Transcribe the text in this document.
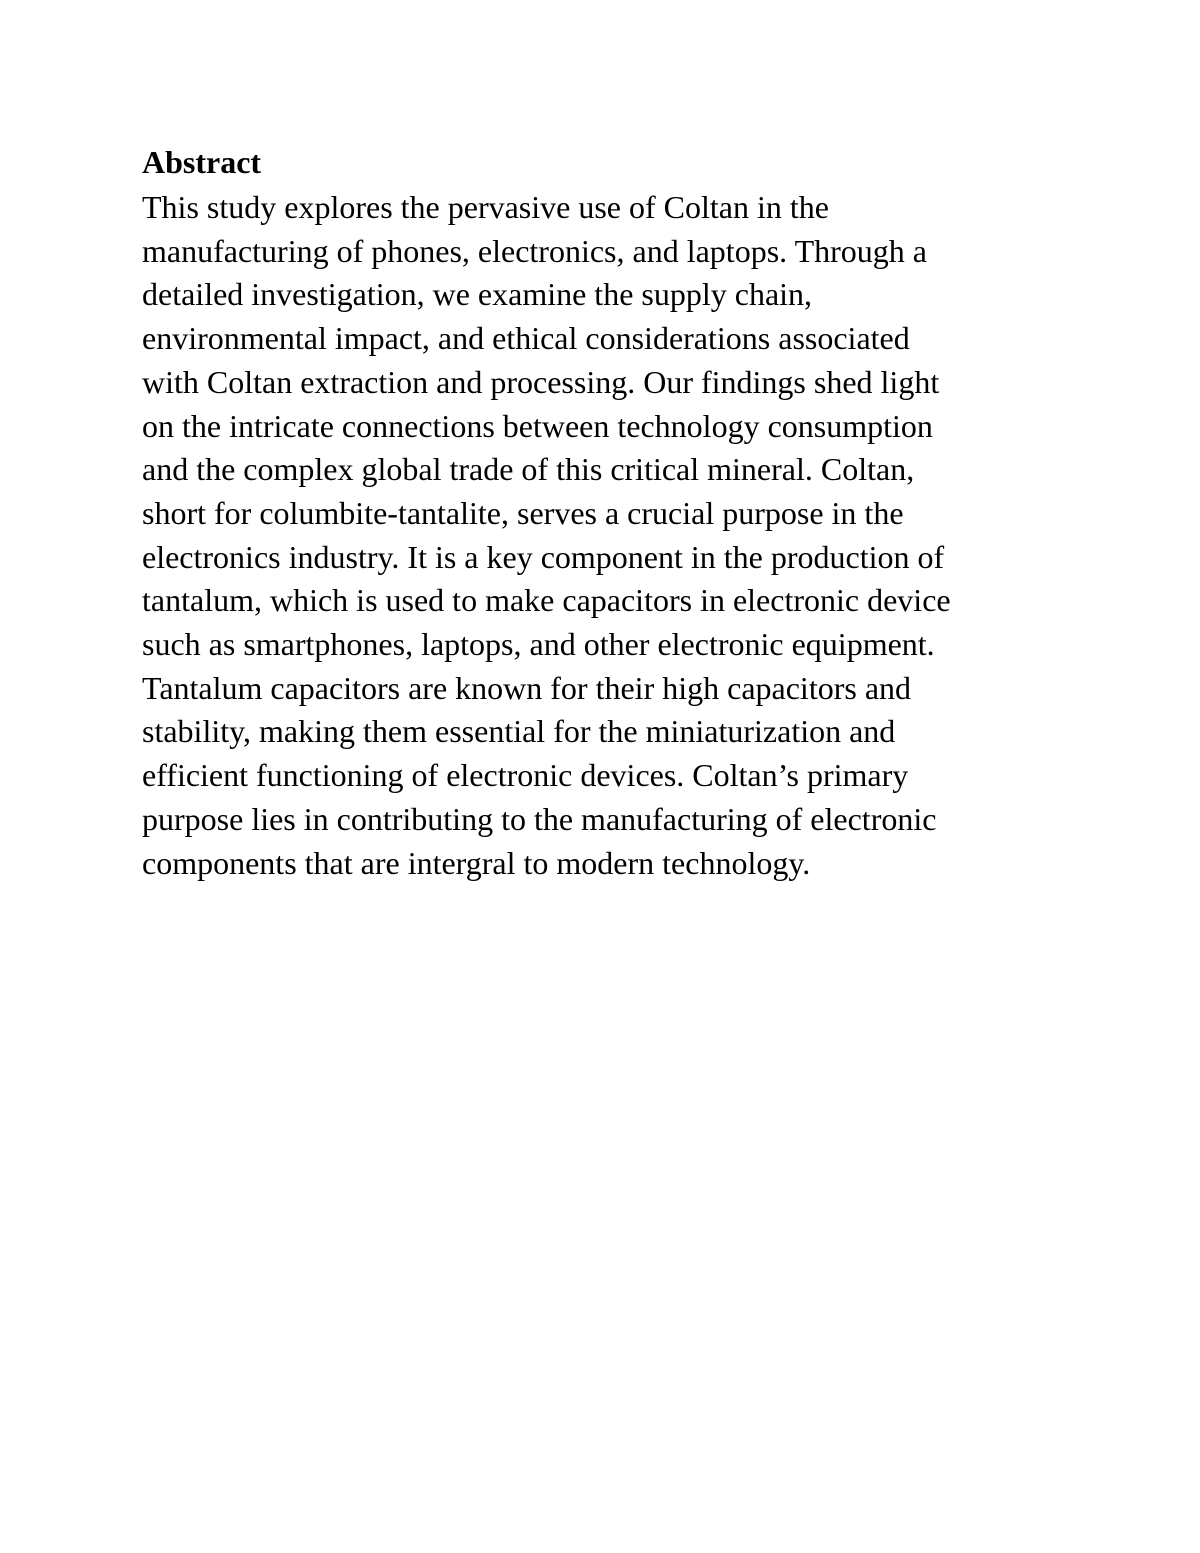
Abstract

This study explores the pervasive use of Coltan in the
manufacturing of phones, electronics, and laptops. Through a
detailed investigation, we examine the supply chain,
environmental impact, and ethical considerations associated
with Coltan extraction and processing. Our findings shed light
on the intricate connections between technology consumption
and the complex global trade of this critical mineral. Coltan,
short for columbite-tantalite, serves a crucial purpose in the
electronics industry. It is a key component in the production of
tantalum, which is used to make capacitors in electronic device
such as smartphones, laptops, and other electronic equipment.
Tantalum capacitors are known for their high capacitors and
stability, making them essential for the miniaturization and
efficient functioning of electronic devices. Coltan’s primary
purpose lies in contributing to the manufacturing of electronic
components that are intergral to modern technology.
